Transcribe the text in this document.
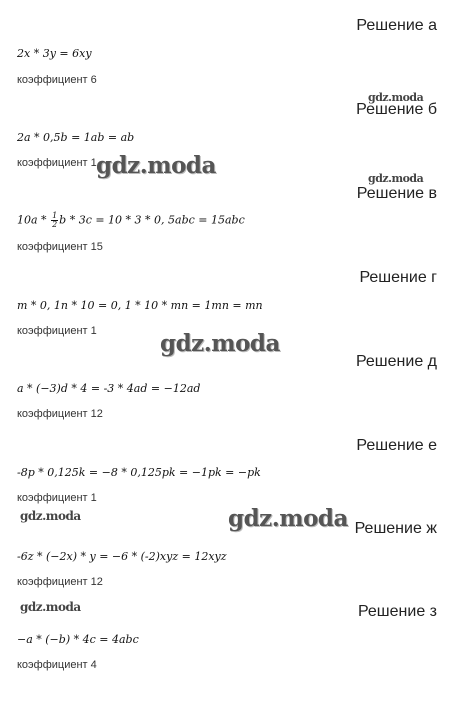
Решение а
2x * 3y = 6xy
коэффициент 6
gdz.moda
Решение б
2a * 0,5b = 1ab = ab
коэффициент 1 gdz.moda	gdz.moda
Решение в
$10a * \frac{1}{2}$ b * 3c = 10 * 3 * 0, 5abc = 15abc
коэффициент 15
Решение г
m * 0, 1n * 10 = 0, 1 * 10 * mn = 1mn = mn
коэффициент 1	gdz.moda
Решение д
a * (−3)d * 4 = -3 * 4ad = −12ad
коэффициент 12
Решение е
-8p * 0,125k = −8 * 0,125pk = −1pk = −pk
коэффициент 1
gdz.moda	gdz.moda Решение ж
-6z * (−2x) * y = −6 * (-2)xyz = 12xyz
коэффициент 12
gdz.moda	Решение з
−a * (−b) * 4c = 4abc
коэффициент 4
